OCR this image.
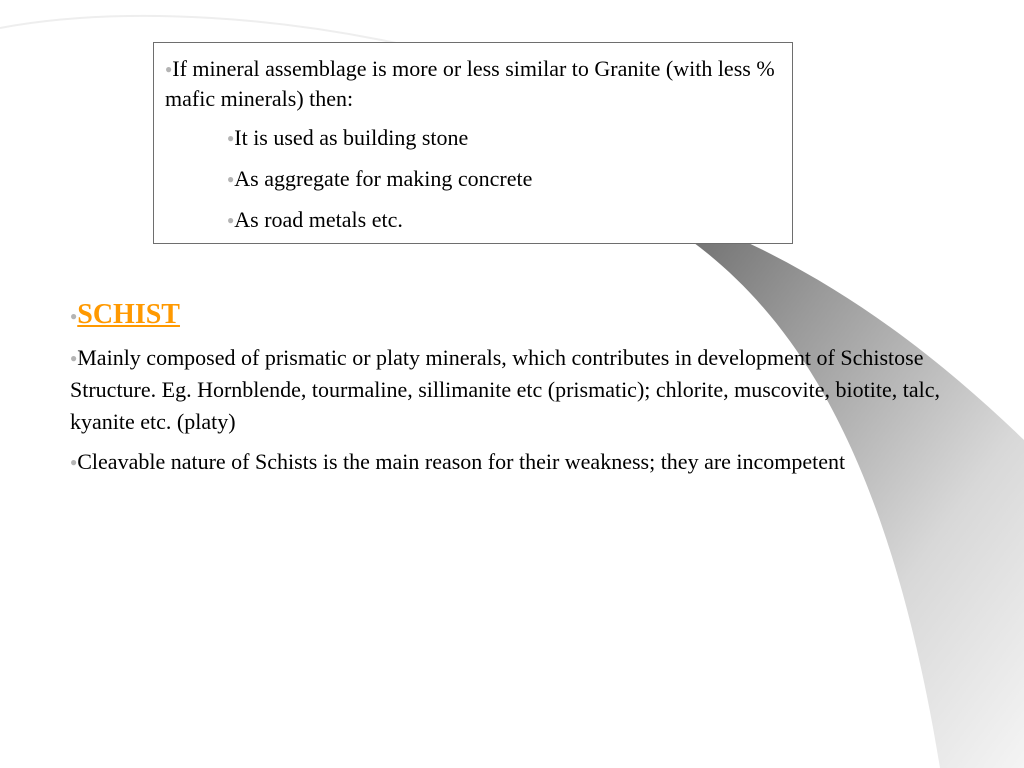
●If mineral assemblage is more or less similar to Granite (with less % mafic minerals) then:
●It is used as building stone
●As aggregate for making concrete
●As road metals etc.
●SCHIST
●Mainly composed of prismatic or platy minerals, which contributes in development of Schistose Structure. Eg. Hornblende, tourmaline, sillimanite etc (prismatic); chlorite, muscovite, biotite, talc, kyanite etc. (platy)
●Cleavable nature of Schists is the main reason for their weakness; they are incompetent
